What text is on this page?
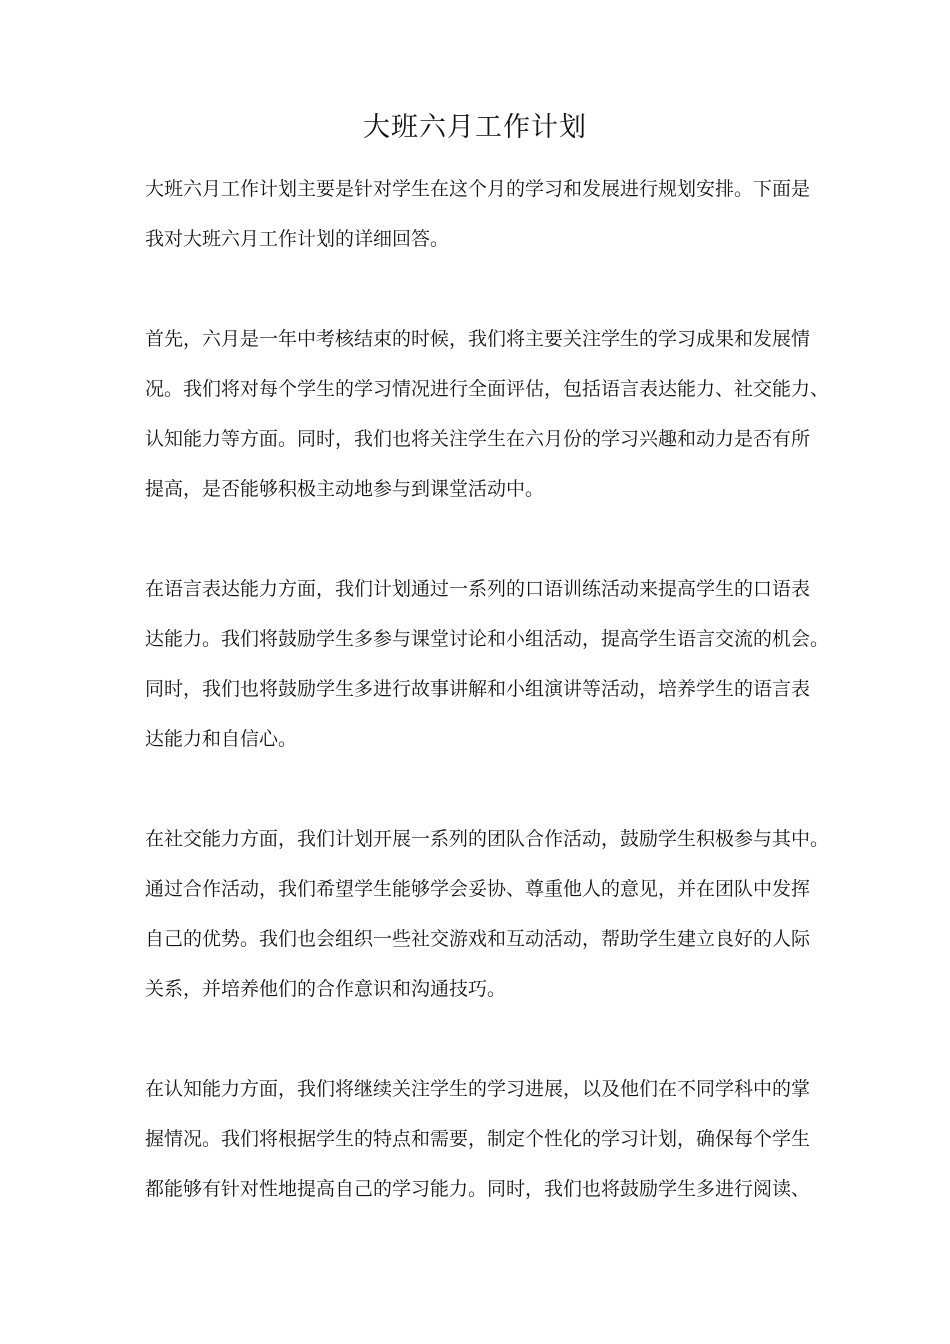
大班六月工作计划
大班六月工作计划主要是针对学生在这个月的学习和发展进行规划安排。下面是
我对大班六月工作计划的详细回答。
首先，六月是一年中考核结束的时候，我们将主要关注学生的学习成果和发展情
况。我们将对每个学生的学习情况进行全面评估，包括语言表达能力、社交能力、
认知能力等方面。同时，我们也将关注学生在六月份的学习兴趣和动力是否有所
提高，是否能够积极主动地参与到课堂活动中。
在语言表达能力方面，我们计划通过一系列的口语训练活动来提高学生的口语表
达能力。我们将鼓励学生多参与课堂讨论和小组活动，提高学生语言交流的机会。
同时，我们也将鼓励学生多进行故事讲解和小组演讲等活动，培养学生的语言表
达能力和自信心。
在社交能力方面，我们计划开展一系列的团队合作活动，鼓励学生积极参与其中。
通过合作活动，我们希望学生能够学会妥协、尊重他人的意见，并在团队中发挥
自己的优势。我们也会组织一些社交游戏和互动活动，帮助学生建立良好的人际
关系，并培养他们的合作意识和沟通技巧。
在认知能力方面，我们将继续关注学生的学习进展，以及他们在不同学科中的掌
握情况。我们将根据学生的特点和需要，制定个性化的学习计划，确保每个学生
都能够有针对性地提高自己的学习能力。同时，我们也将鼓励学生多进行阅读、
